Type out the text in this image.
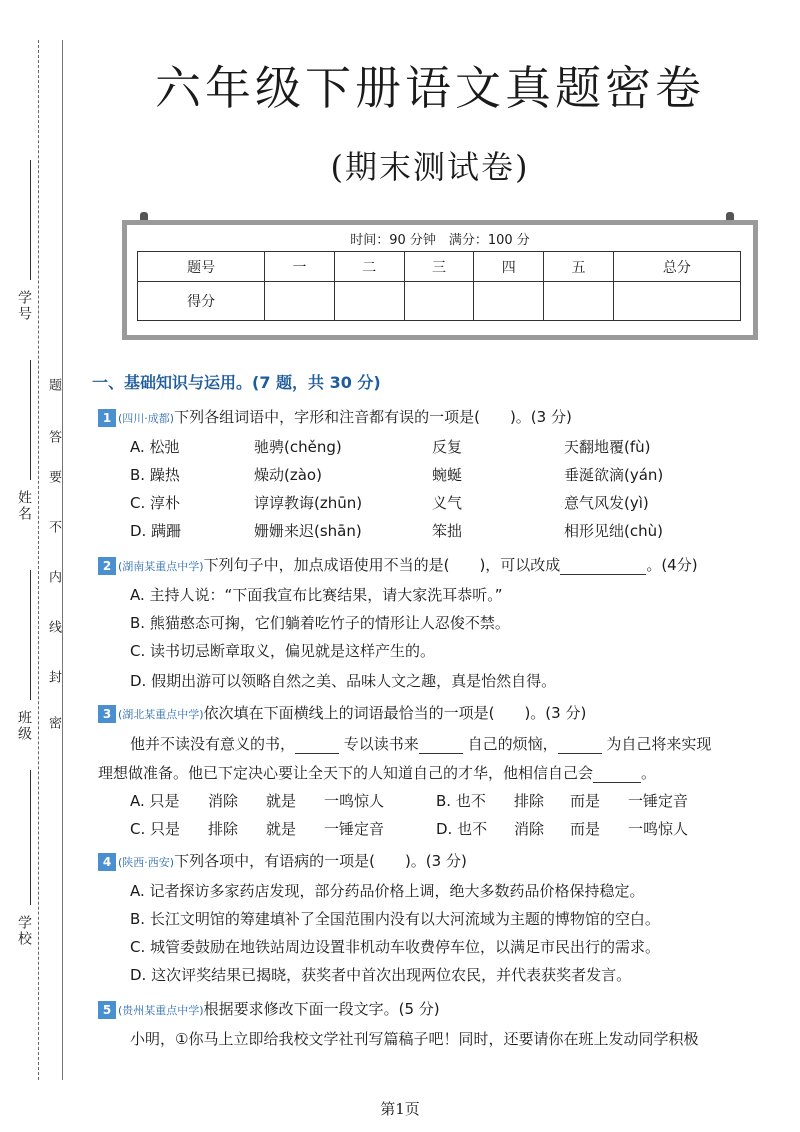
学号
姓名
班级
学校
题
答
要
不
内
线
封
密
六年级下册语文真题密卷
(期末测试卷)
时间：90 分钟　满分：100 分
题号	一	二	三	四	五	总分
得分						
一、基础知识与运用。(7 题，共 30 分)
1 (四川·成都)下列各组词语中，字形和注音都有误的一项是(　　)。(3 分)
A. 松弛	驰骋(chěng)	反复	天翻地覆(fù)
B. 躁热	燥动(zào)	蜿蜒	垂涎欲滴(yán)
C. 淳朴	谆谆教诲(zhūn)	义气	意气风发(yì)
D. 蹒跚	姗姗来迟(shān)	笨拙	相形见绌(chù)
2 (湖南某重点中学)下列句子中，加点成语使用不当的是(　　)，可以改成	。(4分)
A. 主持人说：“下面我宣布比赛结果，请大家洗耳恭听。”
B. 熊猫憨态可掬，它们躺着吃竹子的情形让人忍俊不禁。
C. 读书切忌断章取义，偏见就是这样产生的。
D. 假期出游可以领略自然之美、品味人文之趣，真是怡然自得。
3 (湖北某重点中学)依次填在下面横线上的词语最恰当的一项是(　　)。(3 分)
他并不读没有意义的书，	专以读书来	自己的烦恼，	为自己将来实现
理想做准备。他已下定决心要让全天下的人知道自己的才华，他相信自己会	。
A. 只是 消除 就是 一鸣惊人	B. 也不 排除 而是 一锤定音
C. 只是 排除 就是 一锤定音	D. 也不 消除 而是 一鸣惊人
4 (陕西·西安)下列各项中，有语病的一项是(　　)。(3 分)
A. 记者探访多家药店发现，部分药品价格上调，绝大多数药品价格保持稳定。
B. 长江文明馆的筹建填补了全国范围内没有以大河流域为主题的博物馆的空白。
C. 城管委鼓励在地铁站周边设置非机动车收费停车位，以满足市民出行的需求。
D. 这次评奖结果已揭晓，获奖者中首次出现两位农民，并代表获奖者发言。
5 (贵州某重点中学)根据要求修改下面一段文字。(5 分)
小明，①你马上立即给我校文学社刊写篇稿子吧！同时，还要请你在班上发动同学积极
第1页
